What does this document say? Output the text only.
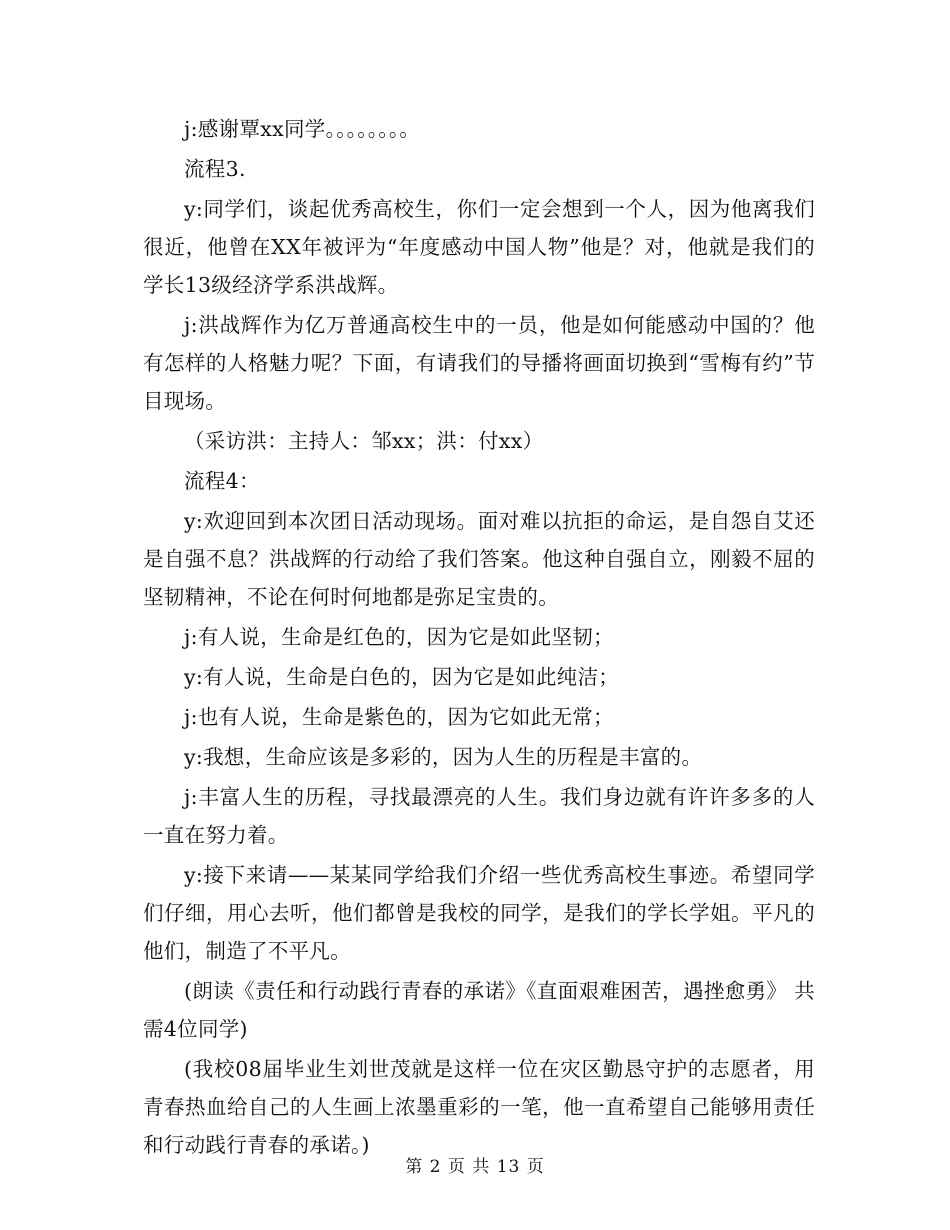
j:感谢覃xx同学。。。。。。。。

流程3.

y:同学们，谈起优秀高校生，你们一定会想到一个人，因为他离我们很近，他曾在XX年被评为“年度感动中国人物”他是？对，他就是我们的学长13级经济学系洪战辉。

j:洪战辉作为亿万普通高校生中的一员，他是如何能感动中国的？他有怎样的人格魅力呢？下面，有请我们的导播将画面切换到“雪梅有约”节目现场。

（采访洪：主持人：邹xx；洪：付xx）

流程4：

y:欢迎回到本次团日活动现场。面对难以抗拒的命运，是自怨自艾还是自强不息？洪战辉的行动给了我们答案。他这种自强自立，刚毅不屈的坚韧精神，不论在何时何地都是弥足宝贵的。

j:有人说，生命是红色的，因为它是如此坚韧；

y:有人说，生命是白色的，因为它是如此纯洁；

j:也有人说，生命是紫色的，因为它如此无常；

y:我想，生命应该是多彩的，因为人生的历程是丰富的。

j:丰富人生的历程，寻找最漂亮的人生。我们身边就有许许多多的人一直在努力着。

y:接下来请——某某同学给我们介绍一些优秀高校生事迹。希望同学们仔细，用心去听，他们都曾是我校的同学，是我们的学长学姐。平凡的他们，制造了不平凡。

(朗读《责任和行动践行青春的承诺》《直面艰难困苦，遇挫愈勇》 共需4位同学)

(我校08届毕业生刘世茂就是这样一位在灾区勤恳守护的志愿者，用青春热血给自己的人生画上浓墨重彩的一笔，他一直希望自己能够用责任和行动践行青春的承诺。)

第 2 页 共 13 页
